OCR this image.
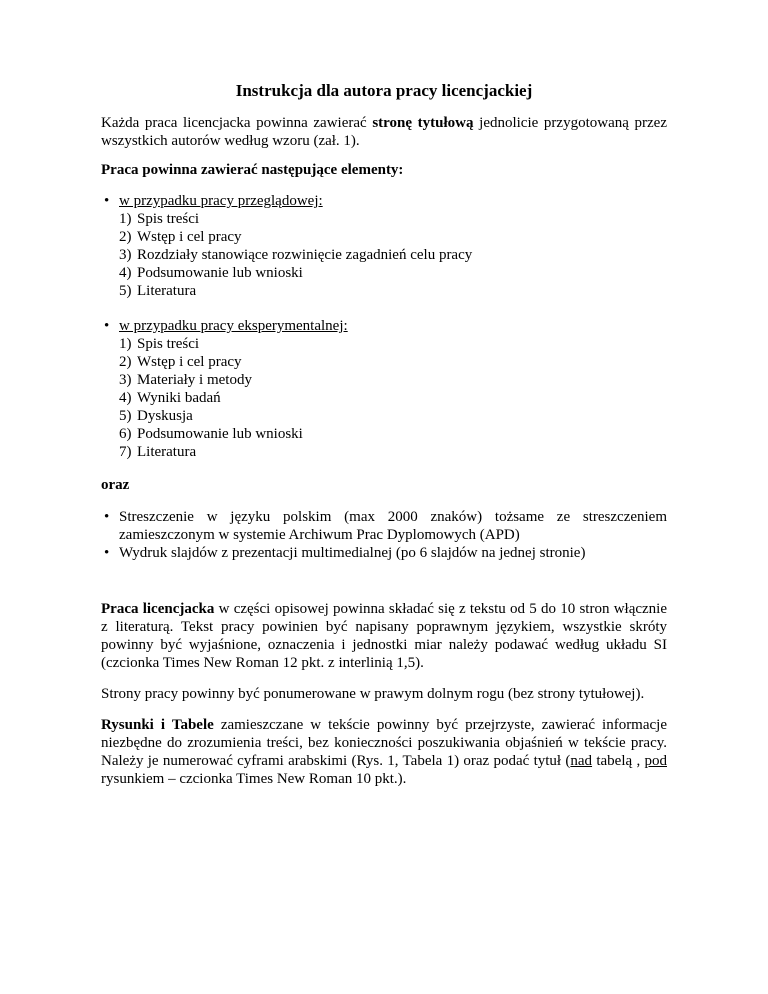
Instrukcja dla autora pracy licencjackiej

Każda praca licencjacka powinna zawierać stronę tytułową jednolicie przygotowaną przez wszystkich autorów według wzoru (zał. 1).

Praca powinna zawierać następujące elementy:
• w przypadku pracy przeglądowej:
1) Spis treści
2) Wstęp i cel pracy
3) Rozdziały stanowiące rozwinięcie zagadnień celu pracy
4) Podsumowanie lub wnioski
5) Literatura
• w przypadku pracy eksperymentalnej:
1) Spis treści
2) Wstęp i cel pracy
3) Materiały i metody
4) Wyniki badań
5) Dyskusja
6) Podsumowanie lub wnioski
7) Literatura
oraz
• Streszczenie w języku polskim (max 2000 znaków) tożsame ze streszczeniem zamieszczonym w systemie Archiwum Prac Dyplomowych (APD)
• Wydruk slajdów z prezentacji multimedialnej (po 6 slajdów na jednej stronie)

Praca licencjacka w części opisowej powinna składać się z tekstu od 5 do 10 stron włącznie z literaturą. Tekst pracy powinien być napisany poprawnym językiem, wszystkie skróty powinny być wyjaśnione, oznaczenia i jednostki miar należy podawać według układu SI (czcionka Times New Roman 12 pkt. z interlinią 1,5).

Strony pracy powinny być ponumerowane w prawym dolnym rogu (bez strony tytułowej).

Rysunki i Tabele zamieszczane w tekście powinny być przejrzyste, zawierać informacje niezbędne do zrozumienia treści, bez konieczności poszukiwania objaśnień w tekście pracy. Należy je numerować cyframi arabskimi (Rys. 1, Tabela 1) oraz podać tytuł (nad tabelą , pod rysunkiem – czcionka Times New Roman 10 pkt.).
